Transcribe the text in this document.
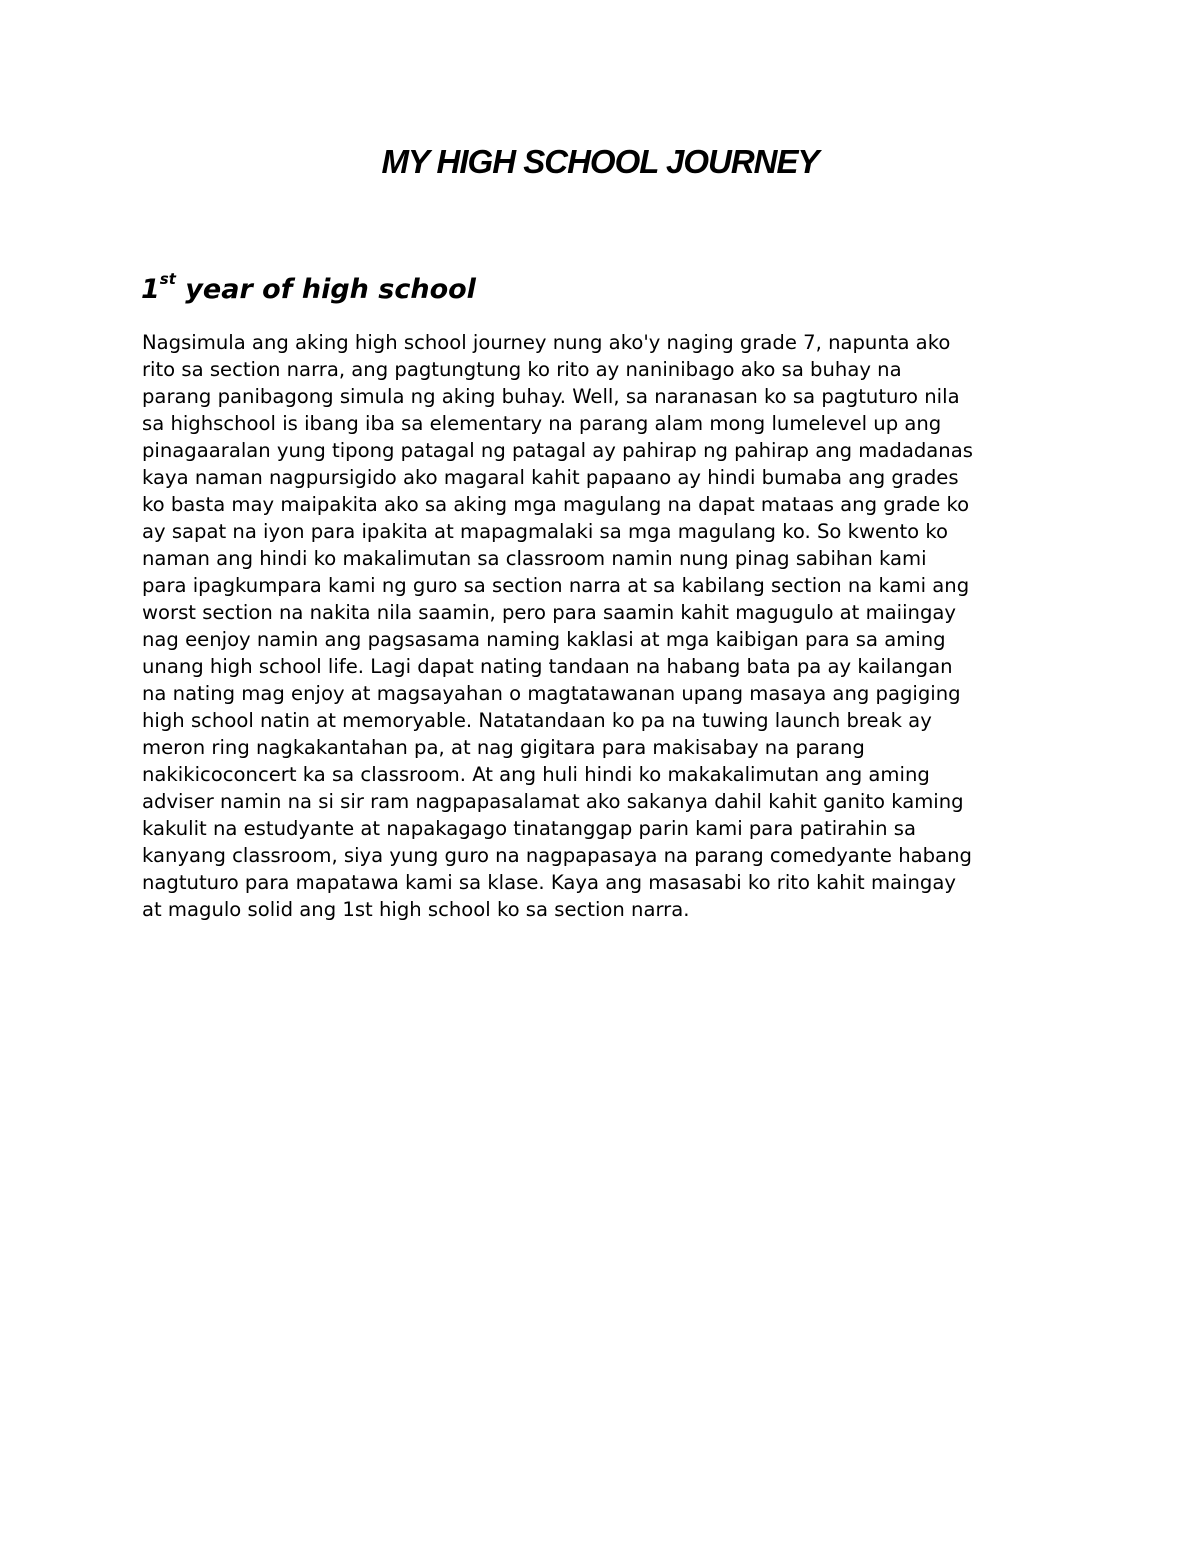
MY HIGH SCHOOL JOURNEY
1st year of high school

Nagsimula ang aking high school journey nung ako'y naging grade 7, napunta ako
rito sa section narra, ang pagtungtung ko rito ay naninibago ako sa buhay na
parang panibagong simula ng aking buhay. Well, sa naranasan ko sa pagtuturo nila
sa highschool is ibang iba sa elementary na parang alam mong lumelevel up ang
pinagaaralan yung tipong patagal ng patagal ay pahirap ng pahirap ang madadanas
kaya naman nagpursigido ako magaral kahit papaano ay hindi bumaba ang grades
ko basta may maipakita ako sa aking mga magulang na dapat mataas ang grade ko
ay sapat na iyon para ipakita at mapagmalaki sa mga magulang ko. So kwento ko
naman ang hindi ko makalimutan sa classroom namin nung pinag sabihan kami
para ipagkumpara kami ng guro sa section narra at sa kabilang section na kami ang
worst section na nakita nila saamin, pero para saamin kahit magugulo at maiingay
nag eenjoy namin ang pagsasama naming kaklasi at mga kaibigan para sa aming
unang high school life. Lagi dapat nating tandaan na habang bata pa ay kailangan
na nating mag enjoy at magsayahan o magtatawanan upang masaya ang pagiging
high school natin at memoryable. Natatandaan ko pa na tuwing launch break ay
meron ring nagkakantahan pa, at nag gigitara para makisabay na parang
nakikicoconcert ka sa classroom. At ang huli hindi ko makakalimutan ang aming
adviser namin na si sir ram nagpapasalamat ako sakanya dahil kahit ganito kaming
kakulit na estudyante at napakagago tinatanggap parin kami para patirahin sa
kanyang classroom, siya yung guro na nagpapasaya na parang comedyante habang
nagtuturo para mapatawa kami sa klase. Kaya ang masasabi ko rito kahit maingay
at magulo solid ang 1st high school ko sa section narra.
